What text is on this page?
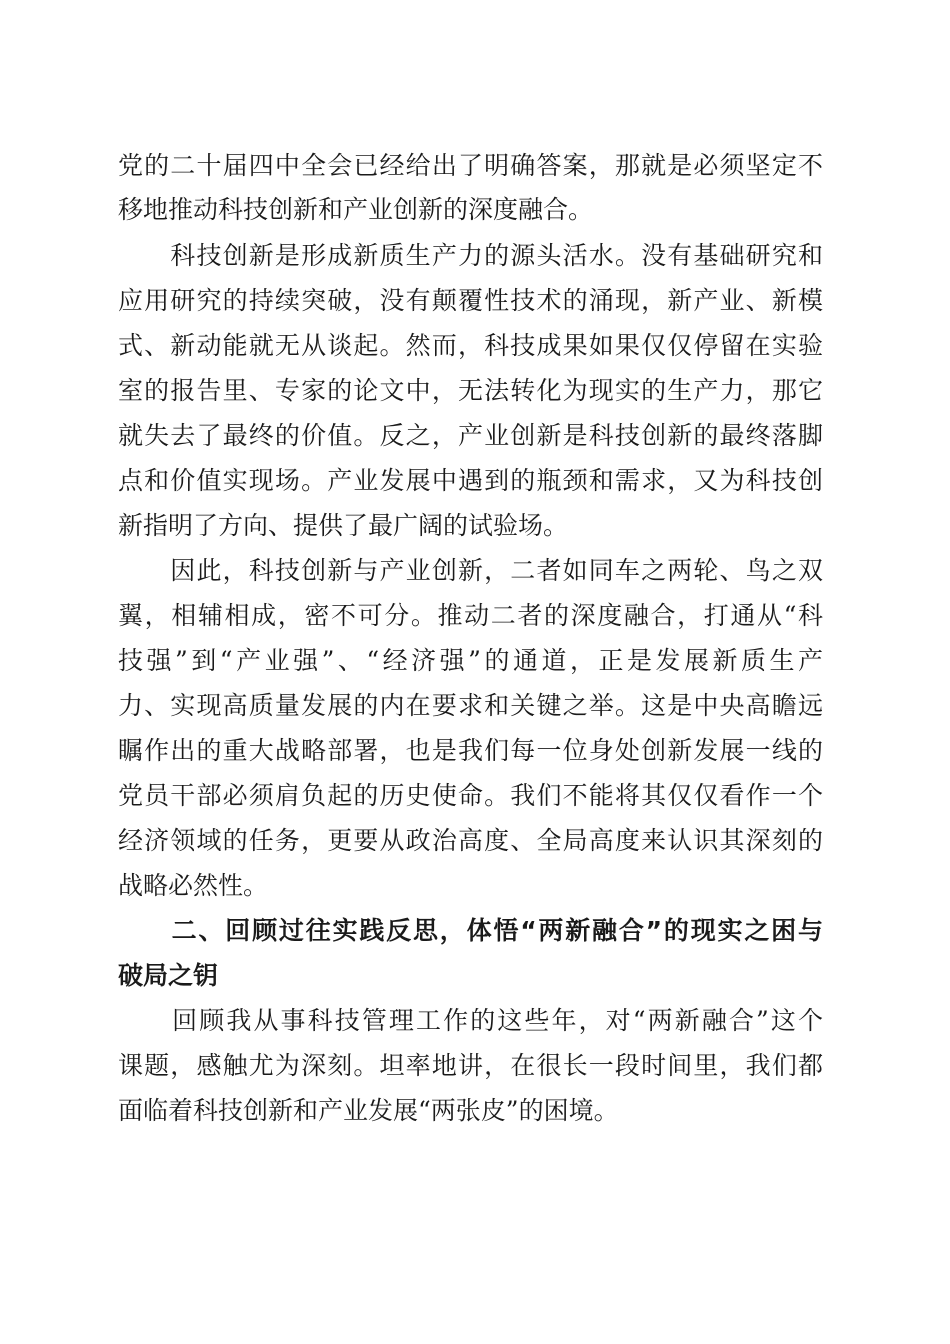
党的二十届四中全会已经给出了明确答案，那就是必须坚定不
移地推动科技创新和产业创新的深度融合。
　　科技创新是形成新质生产力的源头活水。没有基础研究和
应用研究的持续突破，没有颠覆性技术的涌现，新产业、新模
式、新动能就无从谈起。然而，科技成果如果仅仅停留在实验
室的报告里、专家的论文中，无法转化为现实的生产力，那它
就失去了最终的价值。反之，产业创新是科技创新的最终落脚
点和价值实现场。产业发展中遇到的瓶颈和需求，又为科技创
新指明了方向、提供了最广阔的试验场。
　　因此，科技创新与产业创新，二者如同车之两轮、鸟之双
翼，相辅相成，密不可分。推动二者的深度融合，打通从“科
技强”到“产业强”、“经济强”的通道，正是发展新质生产
力、实现高质量发展的内在要求和关键之举。这是中央高瞻远
瞩作出的重大战略部署，也是我们每一位身处创新发展一线的
党员干部必须肩负起的历史使命。我们不能将其仅仅看作一个
经济领域的任务，更要从政治高度、全局高度来认识其深刻的
战略必然性。
　　二、回顾过往实践反思，体悟“两新融合”的现实之困与
破局之钥
　　回顾我从事科技管理工作的这些年，对“两新融合”这个
课题，感触尤为深刻。坦率地讲，在很长一段时间里，我们都
面临着科技创新和产业发展“两张皮”的困境。
